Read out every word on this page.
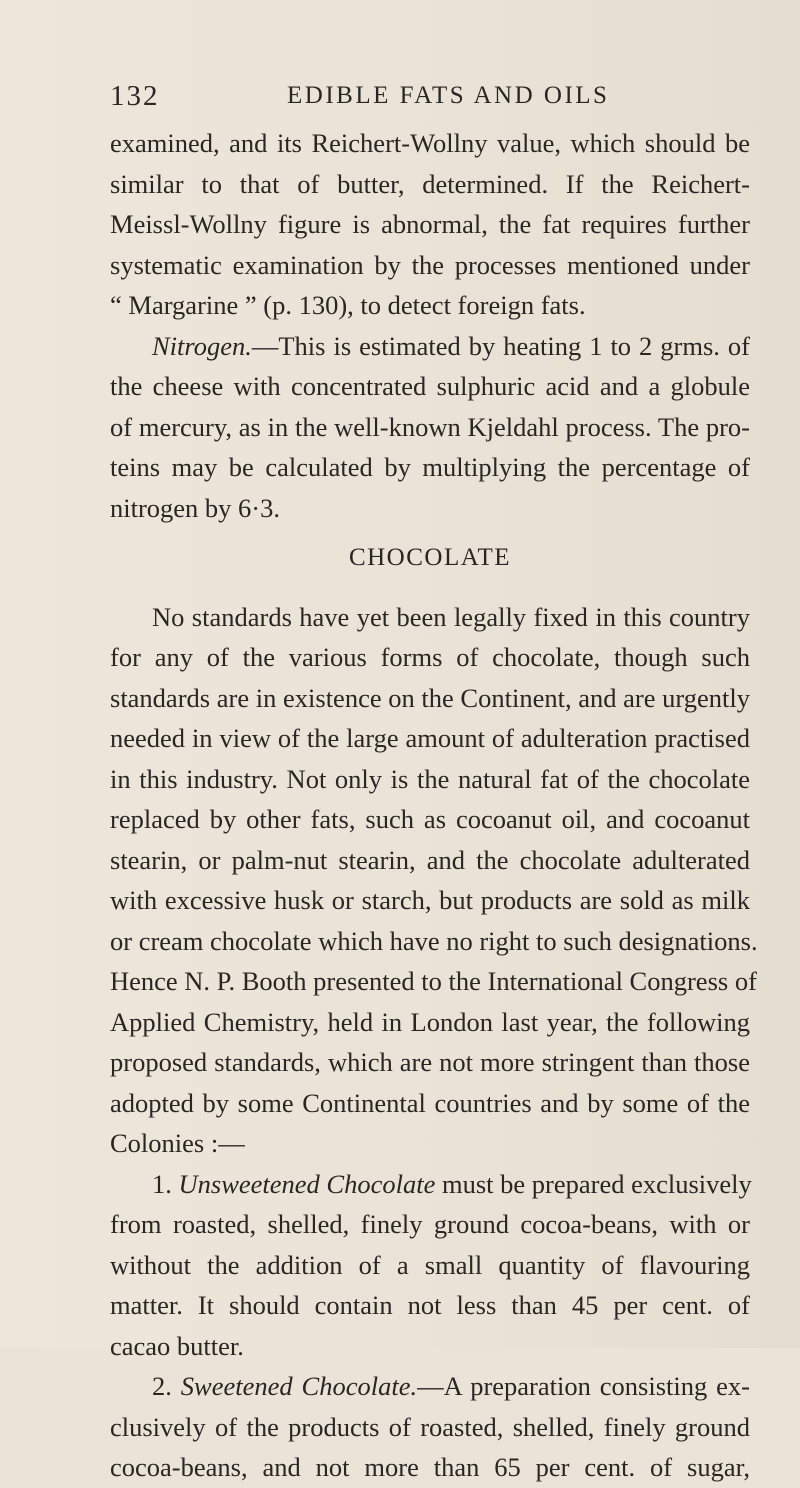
132	EDIBLE FATS AND OILS
examined, and its Reichert-Wollny value, which should be
similar to that of butter, determined. If the Reichert-
Meissl-Wollny figure is abnormal, the fat requires further
systematic examination by the processes mentioned under
“ Margarine ” (p. 130), to detect foreign fats.
Nitrogen.—This is estimated by heating 1 to 2 grms. of
the cheese with concentrated sulphuric acid and a globule
of mercury, as in the well-known Kjeldahl process. The pro-
teins may be calculated by multiplying the percentage of
nitrogen by 6·3.
CHOCOLATE
No standards have yet been legally fixed in this country
for any of the various forms of chocolate, though such
standards are in existence on the Continent, and are urgently
needed in view of the large amount of adulteration practised
in this industry. Not only is the natural fat of the chocolate
replaced by other fats, such as cocoanut oil, and cocoanut
stearin, or palm-nut stearin, and the chocolate adulterated
with excessive husk or starch, but products are sold as milk
or cream chocolate which have no right to such designations.
Hence N. P. Booth presented to the International Congress of
Applied Chemistry, held in London last year, the following
proposed standards, which are not more stringent than those
adopted by some Continental countries and by some of the
Colonies :—
1. Unsweetened Chocolate must be prepared exclusively
from roasted, shelled, finely ground cocoa-beans, with or
without the addition of a small quantity of flavouring
matter. It should contain not less than 45 per cent. of
cacao butter.
2. Sweetened Chocolate.—A preparation consisting ex-
clusively of the products of roasted, shelled, finely ground
cocoa-beans, and not more than 65 per cent. of sugar,
